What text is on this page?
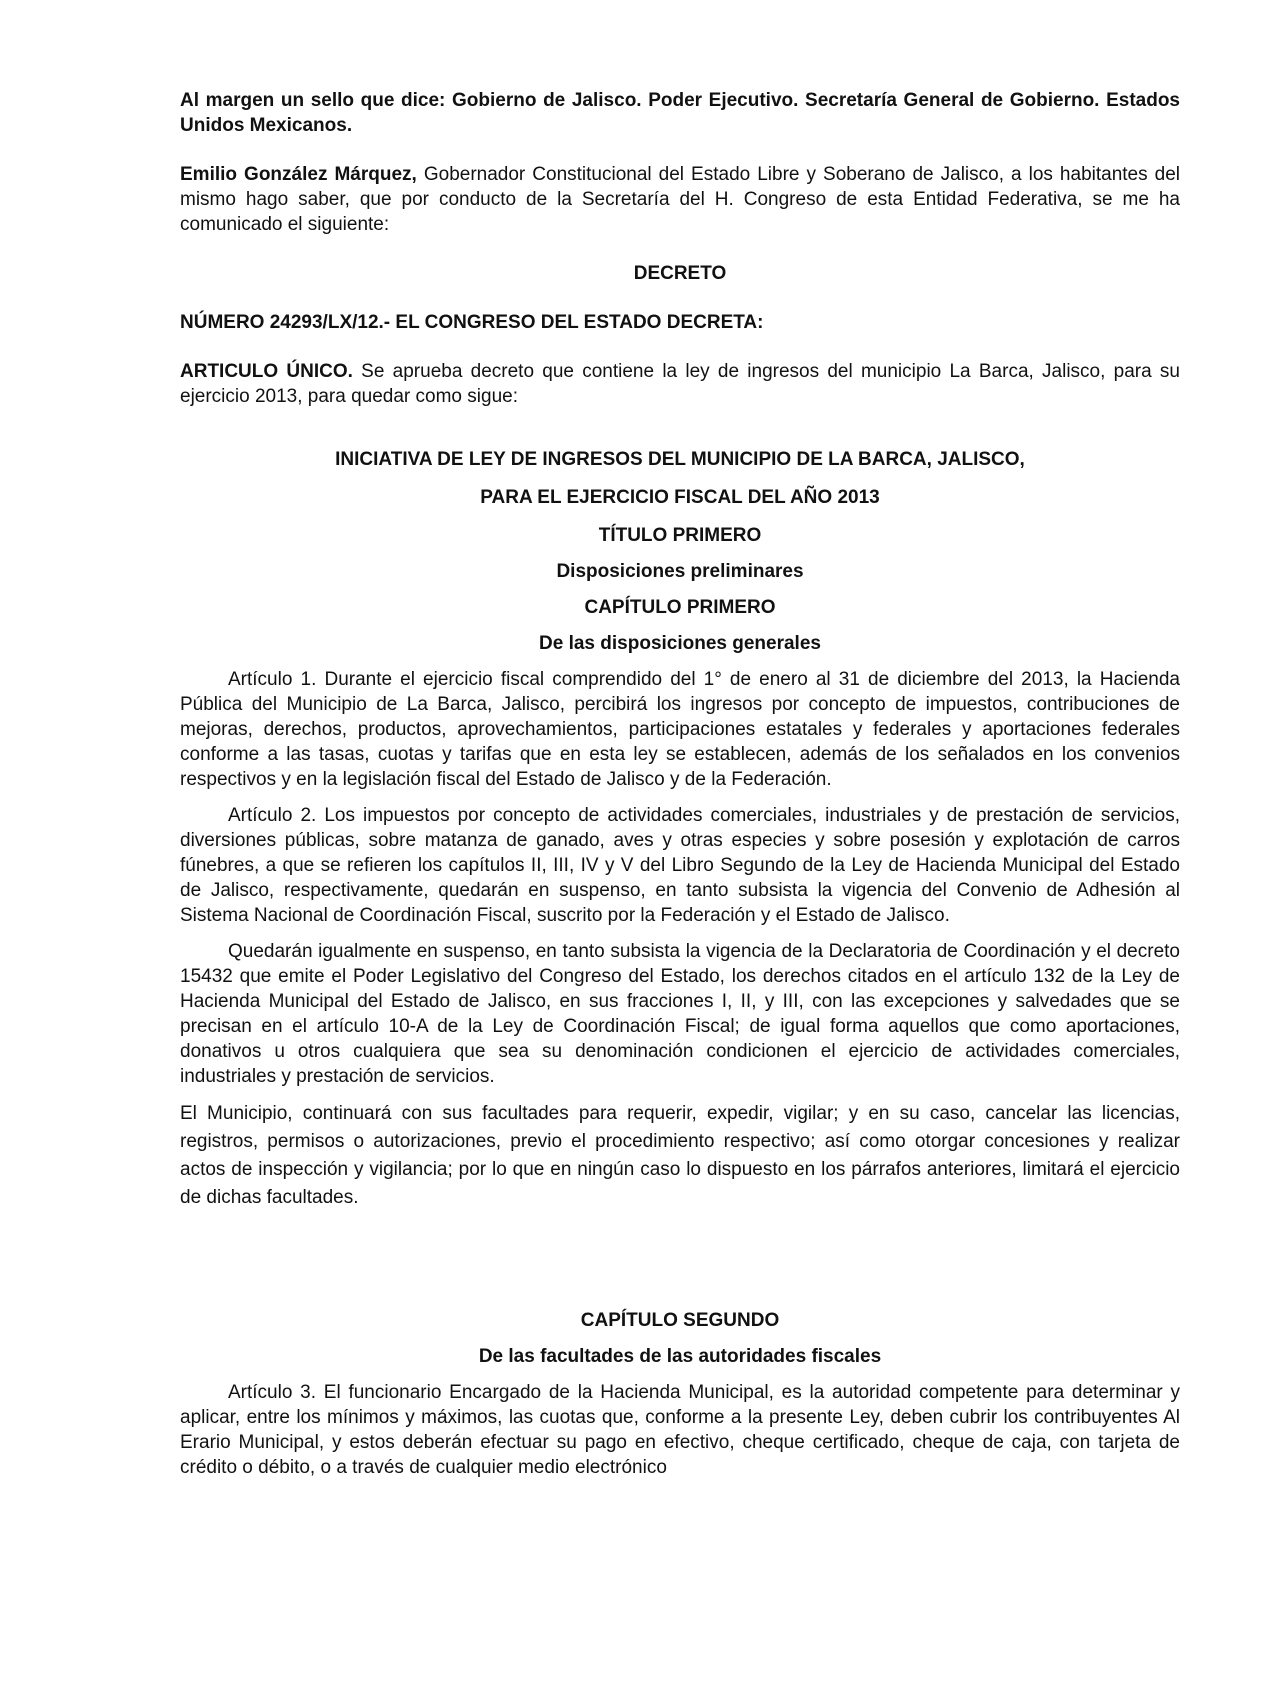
Al margen un sello que dice: Gobierno de Jalisco. Poder Ejecutivo. Secretaría General de Gobierno. Estados Unidos Mexicanos.

Emilio González Márquez, Gobernador Constitucional del Estado Libre y Soberano de Jalisco, a los habitantes del mismo hago saber, que por conducto de la Secretaría del H. Congreso de esta Entidad Federativa, se me ha comunicado el siguiente:

DECRETO

NÚMERO 24293/LX/12.- EL CONGRESO DEL ESTADO DECRETA:

ARTICULO ÚNICO. Se aprueba decreto que contiene la ley de ingresos del municipio La Barca, Jalisco, para su ejercicio 2013, para quedar como sigue:

INICIATIVA DE LEY DE INGRESOS DEL MUNICIPIO DE LA BARCA, JALISCO,

PARA EL EJERCICIO FISCAL DEL AÑO 2013

TÍTULO PRIMERO

Disposiciones preliminares

CAPÍTULO PRIMERO

De las disposiciones generales

Artículo 1. Durante el ejercicio fiscal comprendido del 1° de enero al 31 de diciembre del 2013, la Hacienda Pública del Municipio de La Barca, Jalisco, percibirá los ingresos por concepto de impuestos, contribuciones de mejoras, derechos, productos, aprovechamientos, participaciones estatales y federales y aportaciones federales conforme a las tasas, cuotas y tarifas que en esta ley se establecen, además de los señalados en los convenios respectivos y en la legislación fiscal del Estado de Jalisco y de la Federación.

Artículo 2. Los impuestos por concepto de actividades comerciales, industriales y de prestación de servicios, diversiones públicas, sobre matanza de ganado, aves y otras especies y sobre posesión y explotación de carros fúnebres, a que se refieren los capítulos II, III, IV y V del Libro Segundo de la Ley de Hacienda Municipal del Estado de Jalisco, respectivamente, quedarán en suspenso, en tanto subsista la vigencia del Convenio de Adhesión al Sistema Nacional de Coordinación Fiscal, suscrito por la Federación y el Estado de Jalisco.

Quedarán igualmente en suspenso, en tanto subsista la vigencia de la Declaratoria de Coordinación y el decreto 15432 que emite el Poder Legislativo del Congreso del Estado, los derechos citados en el artículo 132 de la Ley de Hacienda Municipal del Estado de Jalisco, en sus fracciones I, II, y III, con las excepciones y salvedades que se precisan en el artículo 10-A de la Ley de Coordinación Fiscal; de igual forma aquellos que como aportaciones, donativos u otros cualquiera que sea su denominación condicionen el ejercicio de actividades comerciales, industriales y prestación de servicios.

El Municipio, continuará con sus facultades para requerir, expedir, vigilar; y en su caso, cancelar las licencias, registros, permisos o autorizaciones, previo el procedimiento respectivo; así como otorgar concesiones y realizar actos de inspección y vigilancia; por lo que en ningún caso lo dispuesto en los párrafos anteriores, limitará el ejercicio de dichas facultades.

CAPÍTULO SEGUNDO

De las facultades de las autoridades fiscales

Artículo 3. El funcionario Encargado de la Hacienda Municipal, es la autoridad competente para determinar y aplicar, entre los mínimos y máximos, las cuotas que, conforme a la presente Ley, deben cubrir los contribuyentes Al Erario Municipal, y estos deberán efectuar su pago en efectivo, cheque certificado, cheque de caja, con tarjeta de crédito o débito, o a través de cualquier medio electrónico
